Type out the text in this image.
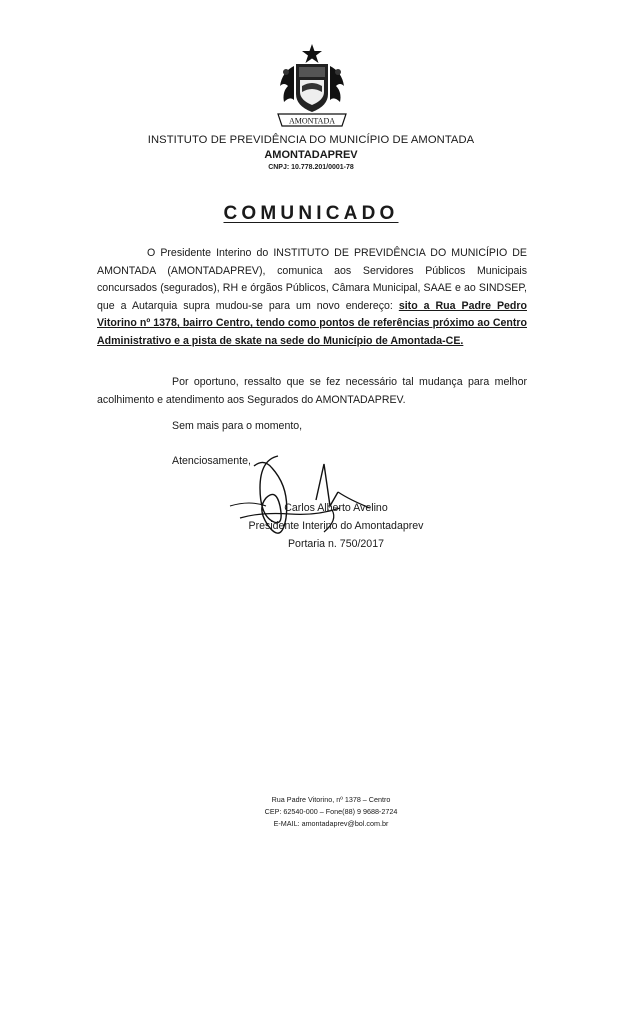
AMONTADA
INSTITUTO DE PREVIDÊNCIA DO MUNICÍPIO DE AMONTADA
AMONTADAPREV
CNPJ: 10.778.201/0001-78
COMUNICADO
O Presidente Interino do INSTITUTO DE PREVIDÊNCIA DO MUNICÍPIO DE AMONTADA (AMONTADAPREV), comunica aos Servidores Públicos Municipais concursados (segurados), RH e órgãos Públicos, Câmara Municipal, SAAE e ao SINDSEP, que a Autarquia supra mudou-se para um novo endereço: sito a Rua Padre Pedro Vitorino nº 1378, bairro Centro, tendo como pontos de referências próximo ao Centro Administrativo e a pista de skate na sede do Município de Amontada-CE.
Por oportuno, ressalto que se fez necessário tal mudança para melhor acolhimento e atendimento aos Segurados do AMONTADAPREV.
Sem mais para o momento,
Atenciosamente,
Carlos Alberto Avelino
Presidente Interino do Amontadaprev
Portaria n. 750/2017
Rua Padre Vitorino, nº 1378 – Centro
CEP: 62540-000 – Fone(88) 9 9688-2724
E-MAIL: amontadaprev@bol.com.br
